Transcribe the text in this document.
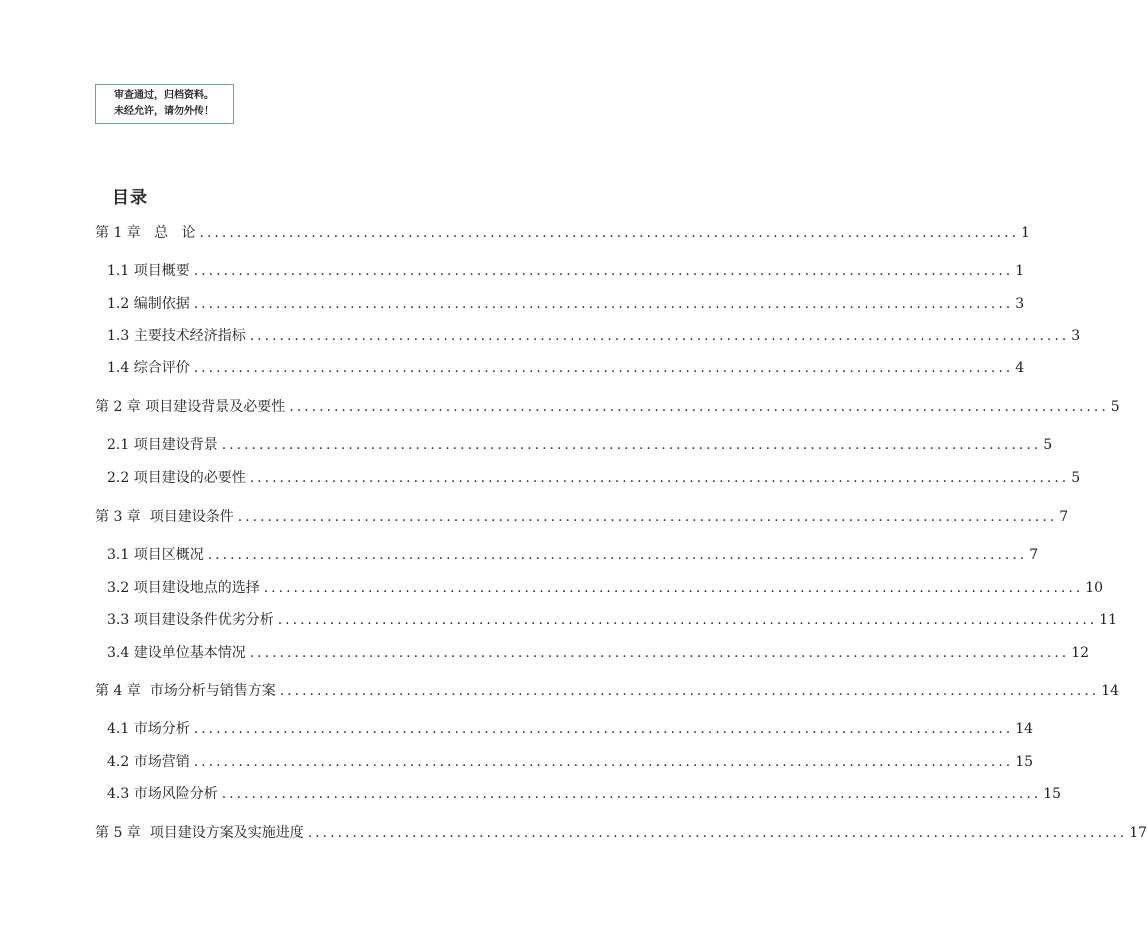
审查通过，归档资料。
未经允许，请勿外传！
目录
第 1 章   总   论 .............................................................................................................. 1
1.1 项目概要 .............................................................................................................. 1
1.2 编制依据 .............................................................................................................. 3
1.3 主要技术经济指标 .............................................................................................................. 3
1.4 综合评价 .............................................................................................................. 4
第 2 章 项目建设背景及必要性 .............................................................................................................. 5
2.1 项目建设背景 .............................................................................................................. 5
2.2 项目建设的必要性 .............................................................................................................. 5
第 3 章  项目建设条件 .............................................................................................................. 7
3.1 项目区概况 .............................................................................................................. 7
3.2 项目建设地点的选择 .............................................................................................................. 10
3.3 项目建设条件优劣分析 .............................................................................................................. 11
3.4 建设单位基本情况 .............................................................................................................. 12
第 4 章  市场分析与销售方案 .............................................................................................................. 14
4.1 市场分析 .............................................................................................................. 14
4.2 市场营销 .............................................................................................................. 15
4.3 市场风险分析 .............................................................................................................. 15
第 5 章  项目建设方案及实施进度 .............................................................................................................. 17
